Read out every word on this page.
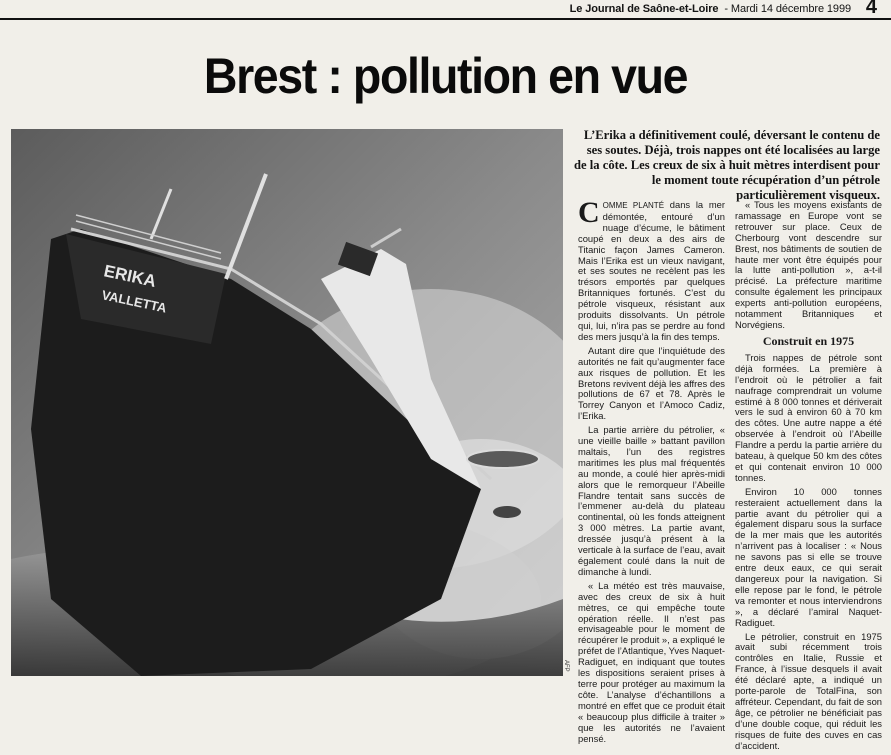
Le Journal de Saône-et-Loire - Mardi 14 décembre 1999 4
Brest : pollution en vue
ERIKA
VALLETTA
AFP
L’Erika a définitivement coulé, déversant le contenu de ses soutes. Déjà, trois nappes ont été localisées au large de la côte. Les creux de six à huit mètres interdisent pour le moment toute récupération d’un pétrole particulièrement visqueux.

COMME PLANTÉ dans la mer démontée, entouré d’un nuage d’écume, le bâtiment coupé en deux a des airs de Titanic façon James Cameron. Mais l’Erika est un vieux navigant, et ses soutes ne recèlent pas les trésors emportés par quelques Britanniques fortunés. C’est du pétrole visqueux, résistant aux produits dissolvants. Un pétrole qui, lui, n’ira pas se perdre au fond des mers jusqu’à la fin des temps.

Autant dire que l’inquiétude des autorités ne fait qu’augmenter face aux risques de pollution. Et les Bretons revivent déjà les affres des pollutions de 67 et 78. Après le Torrey Canyon et l’Amoco Cadiz, l’Erika.

La partie arrière du pétrolier, « une vieille baille » battant pavillon maltais, l’un des registres maritimes les plus mal fréquentés au monde, a coulé hier après-midi alors que le remorqueur l’Abeille Flandre tentait sans succès de l’emmener au-delà du plateau continental, où les fonds atteignent 3 000 mètres. La partie avant, dressée jusqu’à présent à la verticale à la surface de l’eau, avait également coulé dans la nuit de dimanche à lundi.

« La météo est très mauvaise, avec des creux de six à huit mètres, ce qui empêche toute opération réelle. Il n’est pas envisageable pour le moment de récupérer le produit », a expliqué le préfet de l’Atlantique, Yves Naquet-Radiguet, en indiquant que toutes les dispositions seraient prises à terre pour protéger au maximum la côte. L’analyse d’échantillons a montré en effet que ce produit était « beaucoup plus difficile à traiter » que les autorités ne l’avaient pensé.

« Tous les moyens existants de ramassage en Europe vont se retrouver sur place. Ceux de Cherbourg vont descendre sur Brest, nos bâtiments de soutien de haute mer vont être équipés pour la lutte anti-pollution », a-t-il précisé. La préfecture maritime consulte également les principaux experts anti-pollution européens, notamment Britanniques et Norvégiens.

Construit en 1975

Trois nappes de pétrole sont déjà formées. La première à l’endroit où le pétrolier a fait naufrage comprendrait un volume estimé à 8 000 tonnes et dériverait vers le sud à environ 60 à 70 km des côtes. Une autre nappe a été observée à l’endroit où l’Abeille Flandre a perdu la partie arrière du bateau, à quelque 50 km des côtes et qui contenait environ 10 000 tonnes.

Environ 10 000 tonnes resteraient actuellement dans la partie avant du pétrolier qui a également disparu sous la surface de la mer mais que les autorités n’arrivent pas à localiser : « Nous ne savons pas si elle se trouve entre deux eaux, ce qui serait dangereux pour la navigation. Si elle repose par le fond, le pétrole va remonter et nous interviendrons », a déclaré l’amiral Naquet-Radiguet.

Le pétrolier, construit en 1975 avait subi récemment trois contrôles en Italie, Russie et France, à l’issue desquels il avait été déclaré apte, a indiqué un porte-parole de TotalFina, son affréteur. Cependant, du fait de son âge, ce pétrolier ne bénéficiait pas d’une double coque, qui réduit les risques de fuite des cuves en cas d’accident.
